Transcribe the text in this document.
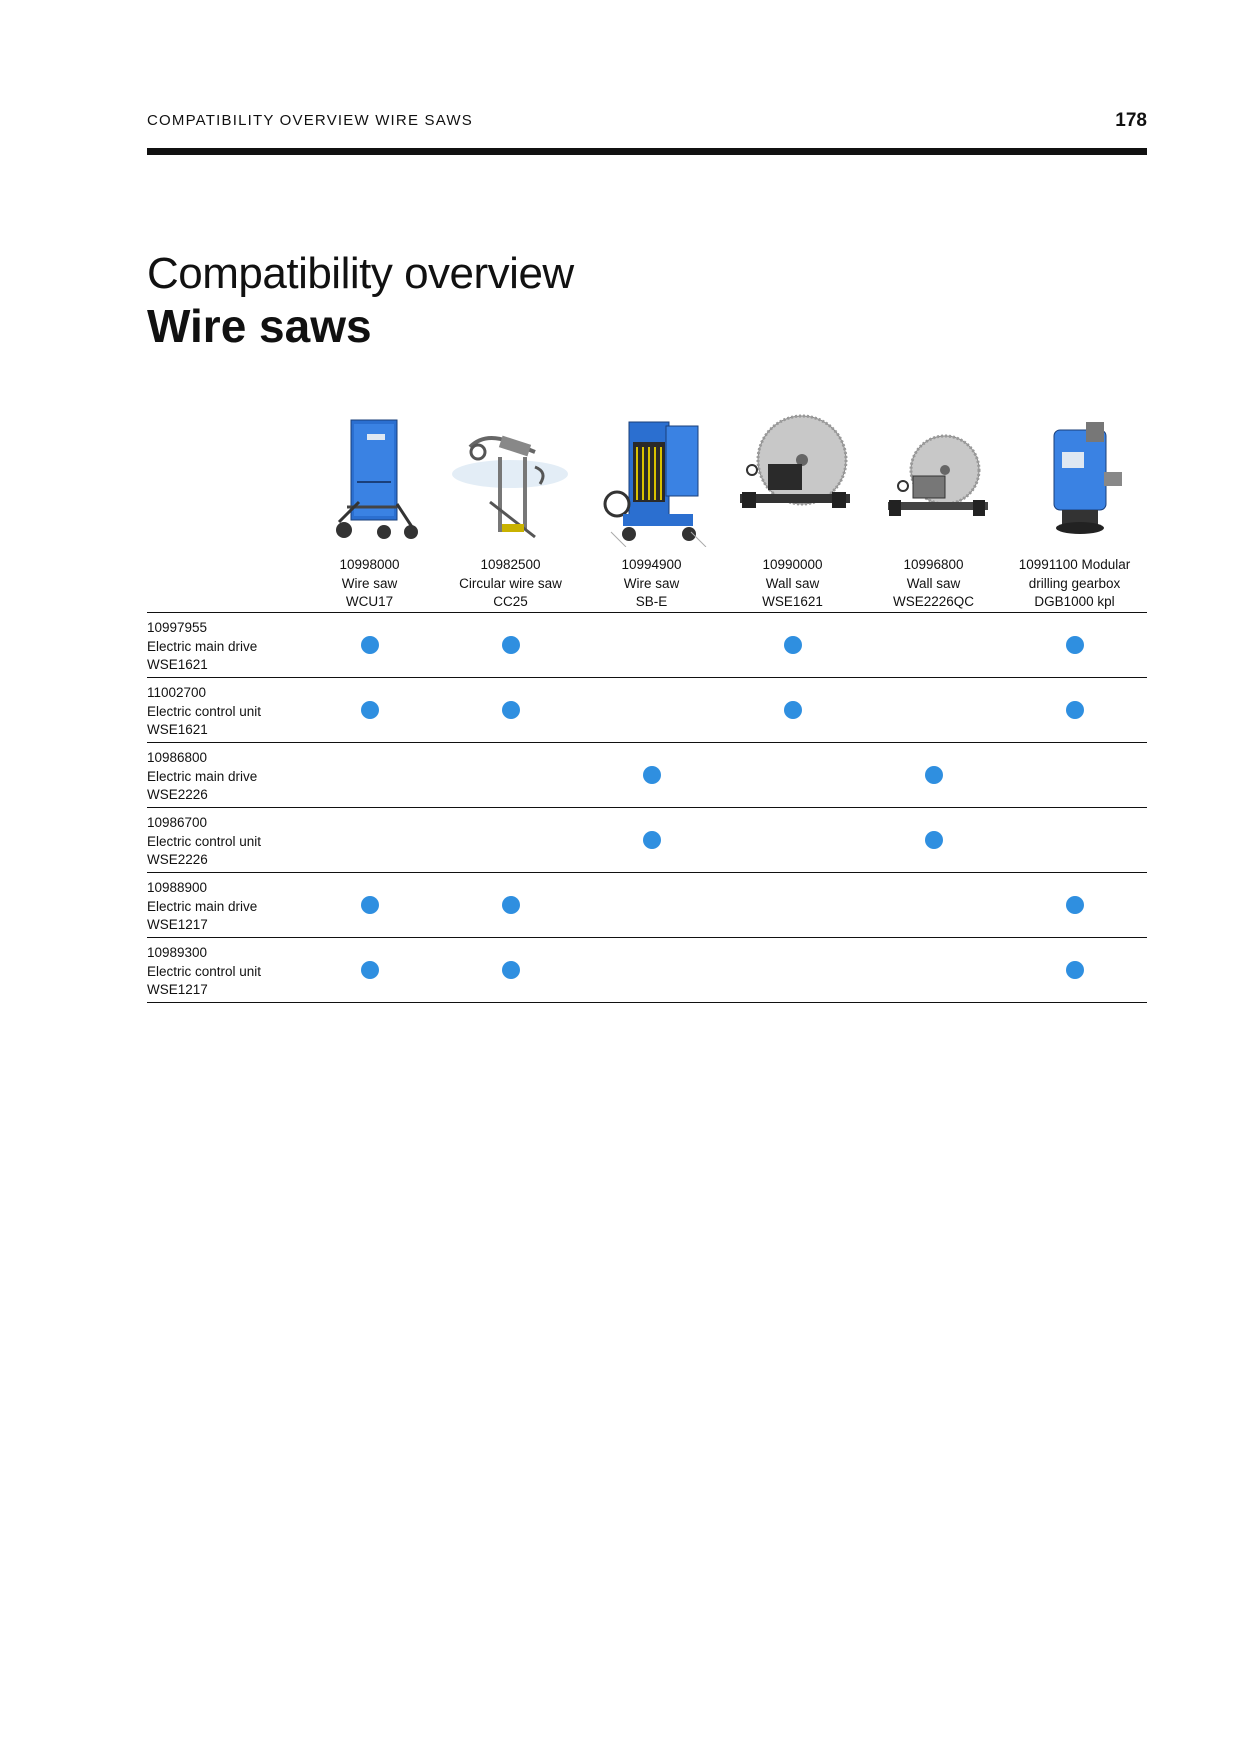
COMPATIBILITY OVERVIEW WIRE SAWS	178
Compatibility overview
Wire saws
10998000
Wire saw
WCU17
10982500
Circular wire saw
CC25
10994900
Wire saw
SB-E
10990000
Wall saw
WSE1621
10996800
Wall saw
WSE2226QC
10991100 Modular
drilling gearbox
DGB1000 kpl
10997955
Electric main drive
WSE1621
11002700
Electric control unit
WSE1621
10986800
Electric main drive
WSE2226
10986700
Electric control unit
WSE2226
10988900
Electric main drive
WSE1217
10989300
Electric control unit
WSE1217
